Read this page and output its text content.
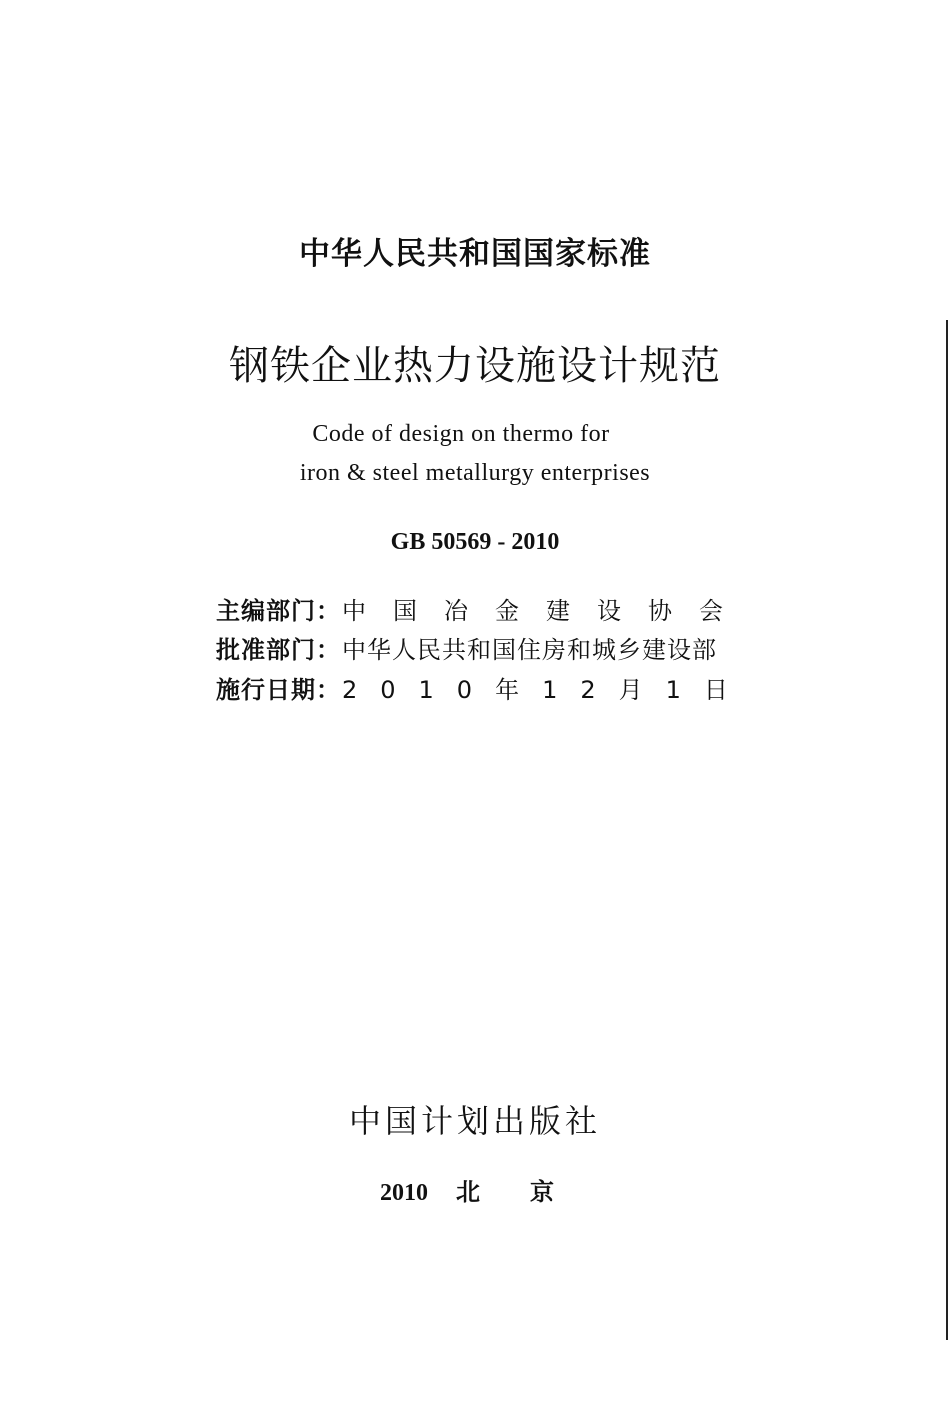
中华人民共和国国家标准
钢铁企业热力设施设计规范
Code of design on thermo for
iron & steel metallurgy enterprises
GB 50569 - 2010
主编部门：中国冶金建设协会
批准部门：中华人民共和国住房和城乡建设部
施行日期：2010年12月1日
中国计划出版社
2010 北京
